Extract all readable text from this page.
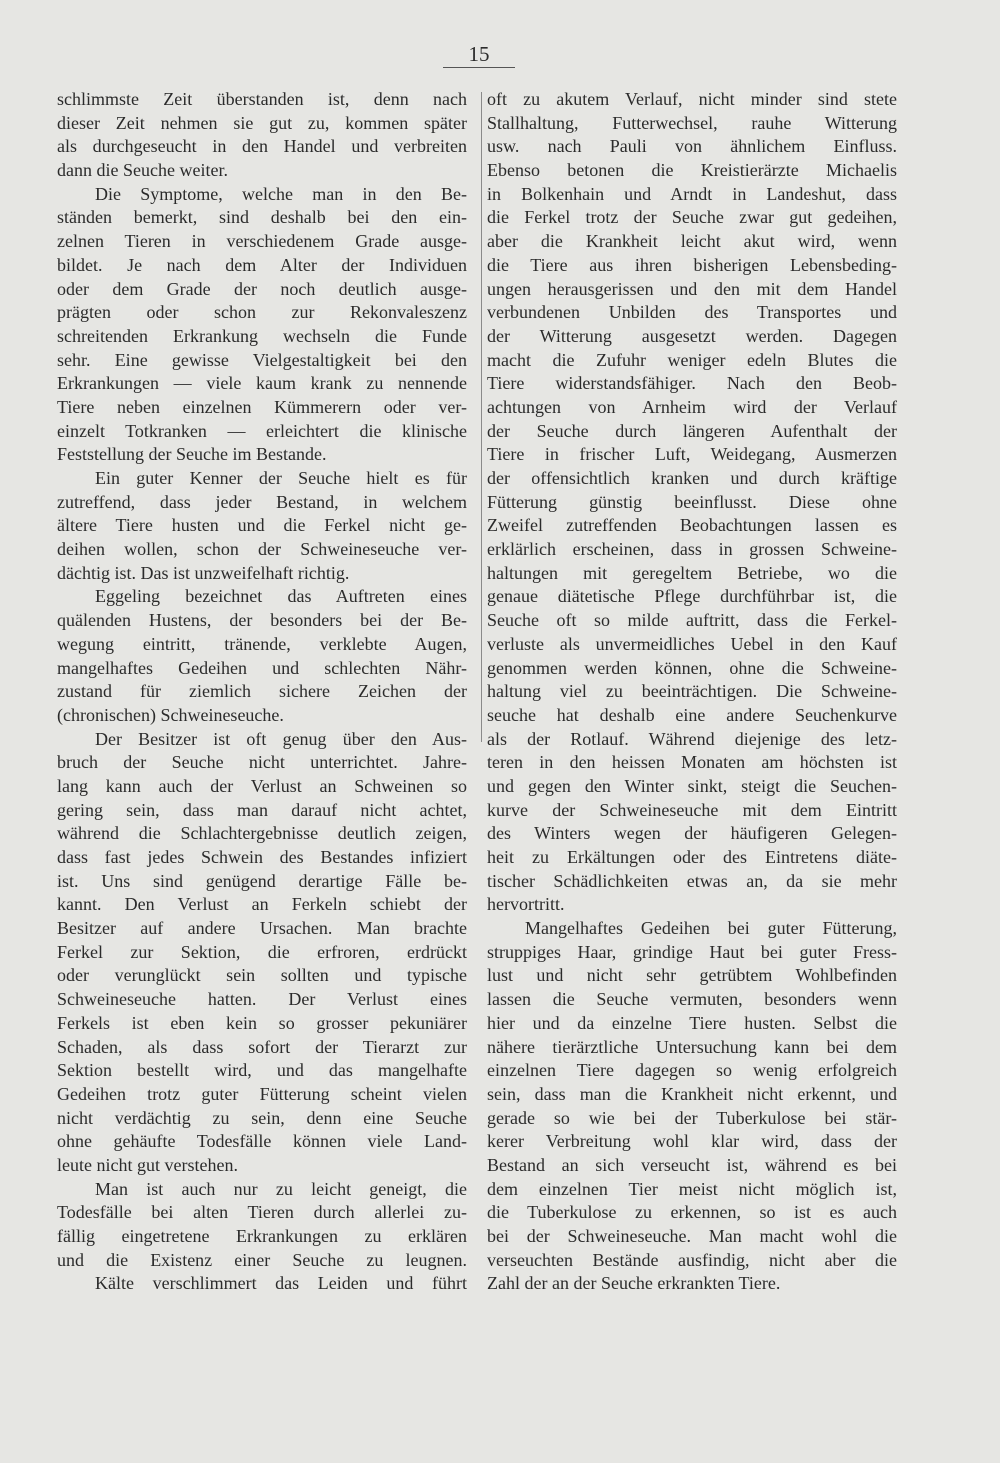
15
schlimmste Zeit überstanden ist, denn nach
dieser Zeit nehmen sie gut zu, kommen später
als durchgeseucht in den Handel und verbreiten
dann die Seuche weiter.
Die Symptome, welche man in den Be-
ständen bemerkt, sind deshalb bei den ein-
zelnen Tieren in verschiedenem Grade ausge-
bildet. Je nach dem Alter der Individuen
oder dem Grade der noch deutlich ausge-
prägten oder schon zur Rekonvaleszenz
schreitenden Erkrankung wechseln die Funde
sehr. Eine gewisse Vielgestaltigkeit bei den
Erkrankungen — viele kaum krank zu nennende
Tiere neben einzelnen Kümmerern oder ver-
einzelt Totkranken — erleichtert die klinische
Feststellung der Seuche im Bestande.
Ein guter Kenner der Seuche hielt es für
zutreffend, dass jeder Bestand, in welchem
ältere Tiere husten und die Ferkel nicht ge-
deihen wollen, schon der Schweineseuche ver-
dächtig ist. Das ist unzweifelhaft richtig.
Eggeling bezeichnet das Auftreten eines
quälenden Hustens, der besonders bei der Be-
wegung eintritt, tränende, verklebte Augen,
mangelhaftes Gedeihen und schlechten Nähr-
zustand für ziemlich sichere Zeichen der
(chronischen) Schweineseuche.
Der Besitzer ist oft genug über den Aus-
bruch der Seuche nicht unterrichtet. Jahre-
lang kann auch der Verlust an Schweinen so
gering sein, dass man darauf nicht achtet,
während die Schlachtergebnisse deutlich zeigen,
dass fast jedes Schwein des Bestandes infiziert
ist. Uns sind genügend derartige Fälle be-
kannt. Den Verlust an Ferkeln schiebt der
Besitzer auf andere Ursachen. Man brachte
Ferkel zur Sektion, die erfroren, erdrückt
oder verunglückt sein sollten und typische
Schweineseuche hatten. Der Verlust eines
Ferkels ist eben kein so grosser pekuniärer
Schaden, als dass sofort der Tierarzt zur
Sektion bestellt wird, und das mangelhafte
Gedeihen trotz guter Fütterung scheint vielen
nicht verdächtig zu sein, denn eine Seuche
ohne gehäufte Todesfälle können viele Land-
leute nicht gut verstehen.
Man ist auch nur zu leicht geneigt, die
Todesfälle bei alten Tieren durch allerlei zu-
fällig eingetretene Erkrankungen zu erklären
und die Existenz einer Seuche zu leugnen.
Kälte verschlimmert das Leiden und führt
oft zu akutem Verlauf, nicht minder sind stete
Stallhaltung, Futterwechsel, rauhe Witterung
usw. nach Pauli von ähnlichem Einfluss.
Ebenso betonen die Kreistierärzte Michaelis
in Bolkenhain und Arndt in Landeshut, dass
die Ferkel trotz der Seuche zwar gut gedeihen,
aber die Krankheit leicht akut wird, wenn
die Tiere aus ihren bisherigen Lebensbeding-
ungen herausgerissen und den mit dem Handel
verbundenen Unbilden des Transportes und
der Witterung ausgesetzt werden. Dagegen
macht die Zufuhr weniger edeln Blutes die
Tiere widerstandsfähiger. Nach den Beob-
achtungen von Arnheim wird der Verlauf
der Seuche durch längeren Aufenthalt der
Tiere in frischer Luft, Weidegang, Ausmerzen
der offensichtlich kranken und durch kräftige
Fütterung günstig beeinflusst. Diese ohne
Zweifel zutreffenden Beobachtungen lassen es
erklärlich erscheinen, dass in grossen Schweine-
haltungen mit geregeltem Betriebe, wo die
genaue diätetische Pflege durchführbar ist, die
Seuche oft so milde auftritt, dass die Ferkel-
verluste als unvermeidliches Uebel in den Kauf
genommen werden können, ohne die Schweine-
haltung viel zu beeinträchtigen. Die Schweine-
seuche hat deshalb eine andere Seuchenkurve
als der Rotlauf. Während diejenige des letz-
teren in den heissen Monaten am höchsten ist
und gegen den Winter sinkt, steigt die Seuchen-
kurve der Schweineseuche mit dem Eintritt
des Winters wegen der häufigeren Gelegen-
heit zu Erkältungen oder des Eintretens diäte-
tischer Schädlichkeiten etwas an, da sie mehr
hervortritt.
Mangelhaftes Gedeihen bei guter Fütterung,
struppiges Haar, grindige Haut bei guter Fress-
lust und nicht sehr getrübtem Wohlbefinden
lassen die Seuche vermuten, besonders wenn
hier und da einzelne Tiere husten. Selbst die
nähere tierärztliche Untersuchung kann bei dem
einzelnen Tiere dagegen so wenig erfolgreich
sein, dass man die Krankheit nicht erkennt, und
gerade so wie bei der Tuberkulose bei stär-
kerer Verbreitung wohl klar wird, dass der
Bestand an sich verseucht ist, während es bei
dem einzelnen Tier meist nicht möglich ist,
die Tuberkulose zu erkennen, so ist es auch
bei der Schweineseuche. Man macht wohl die
verseuchten Bestände ausfindig, nicht aber die
Zahl der an der Seuche erkrankten Tiere.
